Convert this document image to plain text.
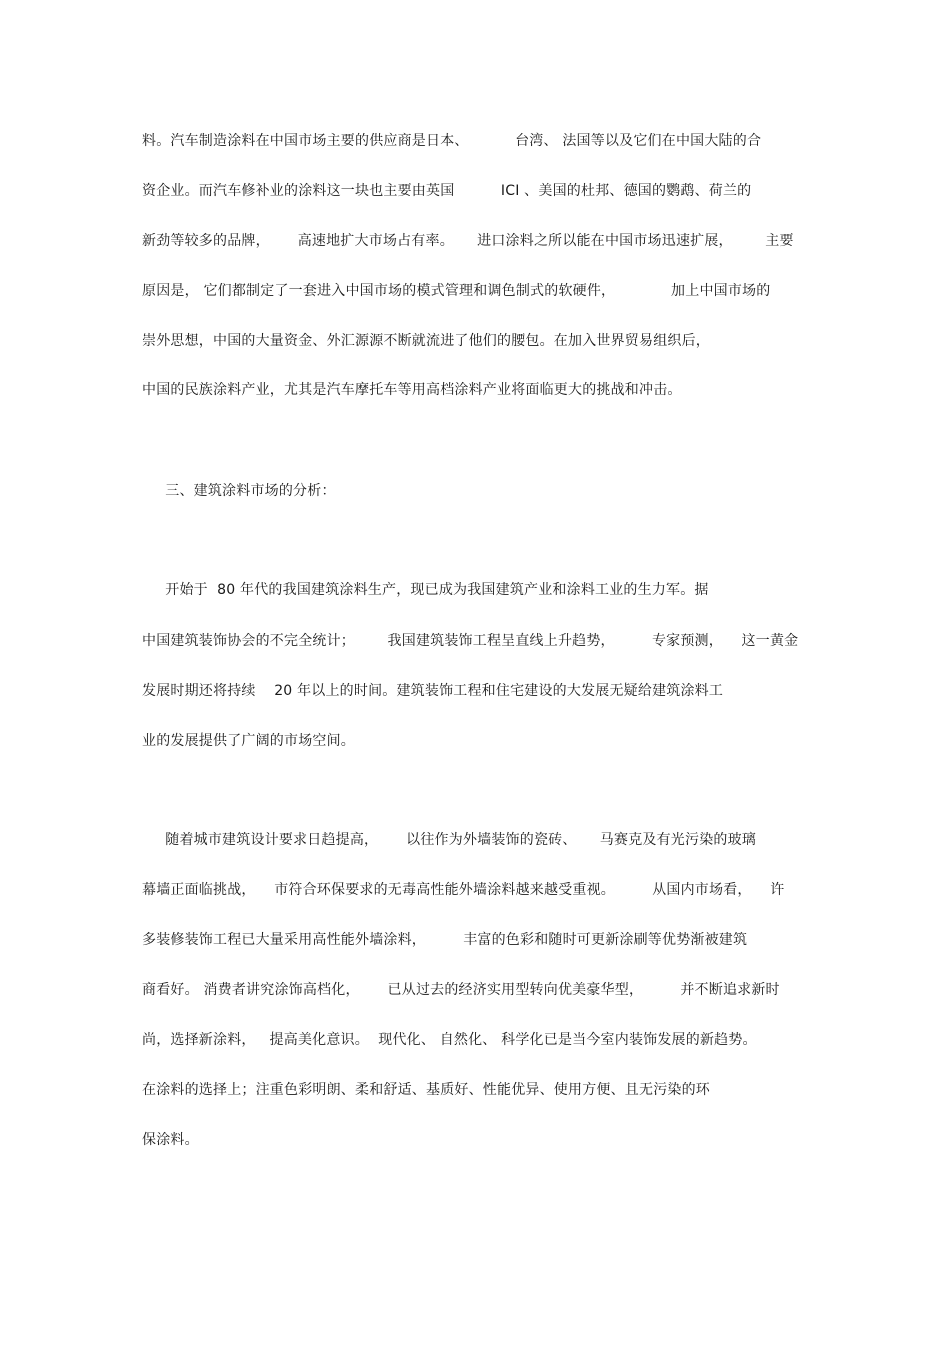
料。汽车制造涂料在中国市场主要的供应商是日本、          台湾、 法国等以及它们在中国大陆的合
资企业。而汽车修补业的涂料这一块也主要由英国          ICI 、美国的杜邦、德国的鹦鹉、荷兰的
新劲等较多的品牌，      高速地扩大市场占有率。     进口涂料之所以能在中国市场迅速扩展，       主要
原因是， 它们都制定了一套进入中国市场的模式管理和调色制式的软硬件，            加上中国市场的
崇外思想，中国的大量资金、外汇源源不断就流进了他们的腰包。在加入世界贸易组织后，
中国的民族涂料产业，尤其是汽车摩托车等用高档涂料产业将面临更大的挑战和冲击。
三、建筑涂料市场的分析：
开始于  80 年代的我国建筑涂料生产，现已成为我国建筑产业和涂料工业的生力军。据
中国建筑装饰协会的不完全统计；       我国建筑装饰工程呈直线上升趋势，        专家预测，    这一黄金
发展时期还将持续    20 年以上的时间。建筑装饰工程和住宅建设的大发展无疑给建筑涂料工
业的发展提供了广阔的市场空间。
随着城市建筑设计要求日趋提高，      以往作为外墙装饰的瓷砖、     马赛克及有光污染的玻璃
幕墙正面临挑战，    市符合环保要求的无毒高性能外墙涂料越来越受重视。        从国内市场看，    许
多装修装饰工程已大量采用高性能外墙涂料，        丰富的色彩和随时可更新涂刷等优势渐被建筑
商看好。 消费者讲究涂饰高档化，      已从过去的经济实用型转向优美豪华型，        并不断追求新时
尚，选择新涂料，   提高美化意识。  现代化、 自然化、 科学化已是当今室内装饰发展的新趋势。
在涂料的选择上；注重色彩明朗、柔和舒适、基质好、性能优异、使用方便、且无污染的环
保涂料。
